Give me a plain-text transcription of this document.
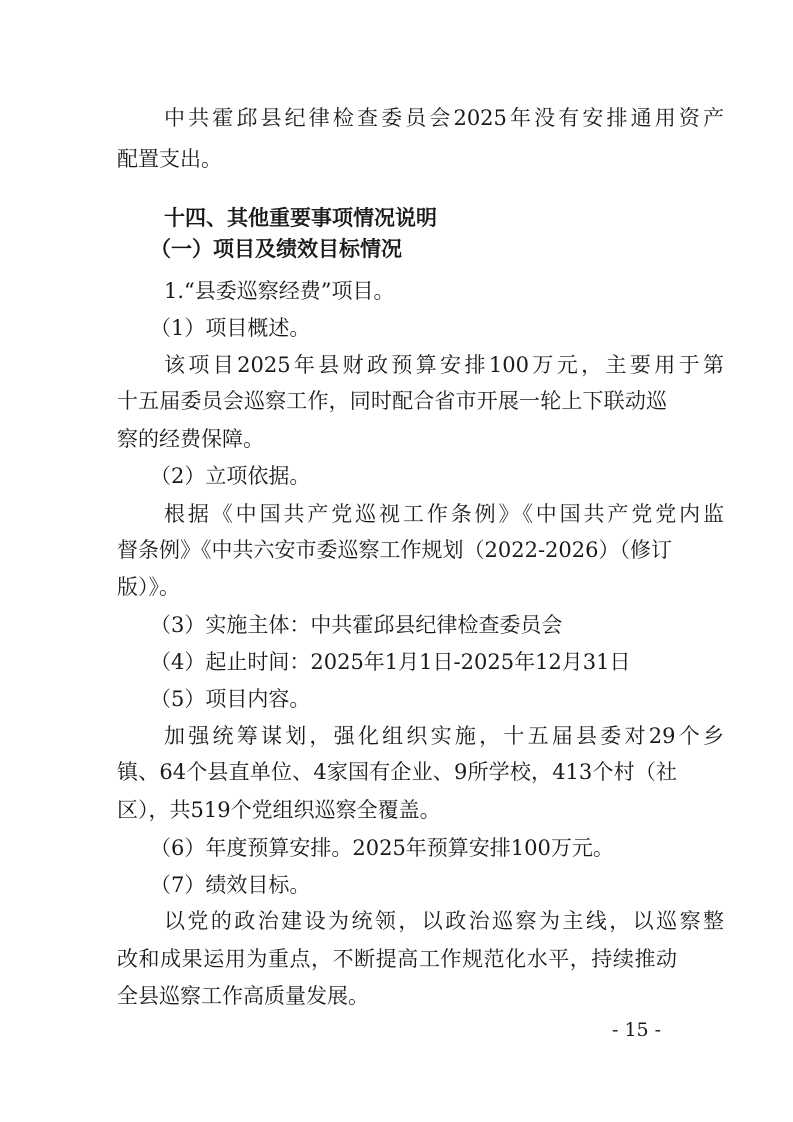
中共霍邱县纪律检查委员会2025年没有安排通用资产
配置支出。
十四、其他重要事项情况说明
（一）项目及绩效目标情况
1.“县委巡察经费”项目。
（1）项目概述。
该项目2025年县财政预算安排100万元，主要用于第
十五届委员会巡察工作，同时配合省市开展一轮上下联动巡
察的经费保障。
（2）立项依据。
根据《中国共产党巡视工作条例》《中国共产党党内监
督条例》《中共六安市委巡察工作规划（2022-2026）（修订
版）》。
（3）实施主体：中共霍邱县纪律检查委员会
（4）起止时间：2025年1月1日-2025年12月31日
（5）项目内容。
加强统筹谋划，强化组织实施，十五届县委对29个乡
镇、64个县直单位、4家国有企业、9所学校，413个村（社
区），共519个党组织巡察全覆盖。
（6）年度预算安排。2025年预算安排100万元。
（7）绩效目标。
以党的政治建设为统领，以政治巡察为主线，以巡察整
改和成果运用为重点，不断提高工作规范化水平，持续推动
全县巡察工作高质量发展。
- 15 -
